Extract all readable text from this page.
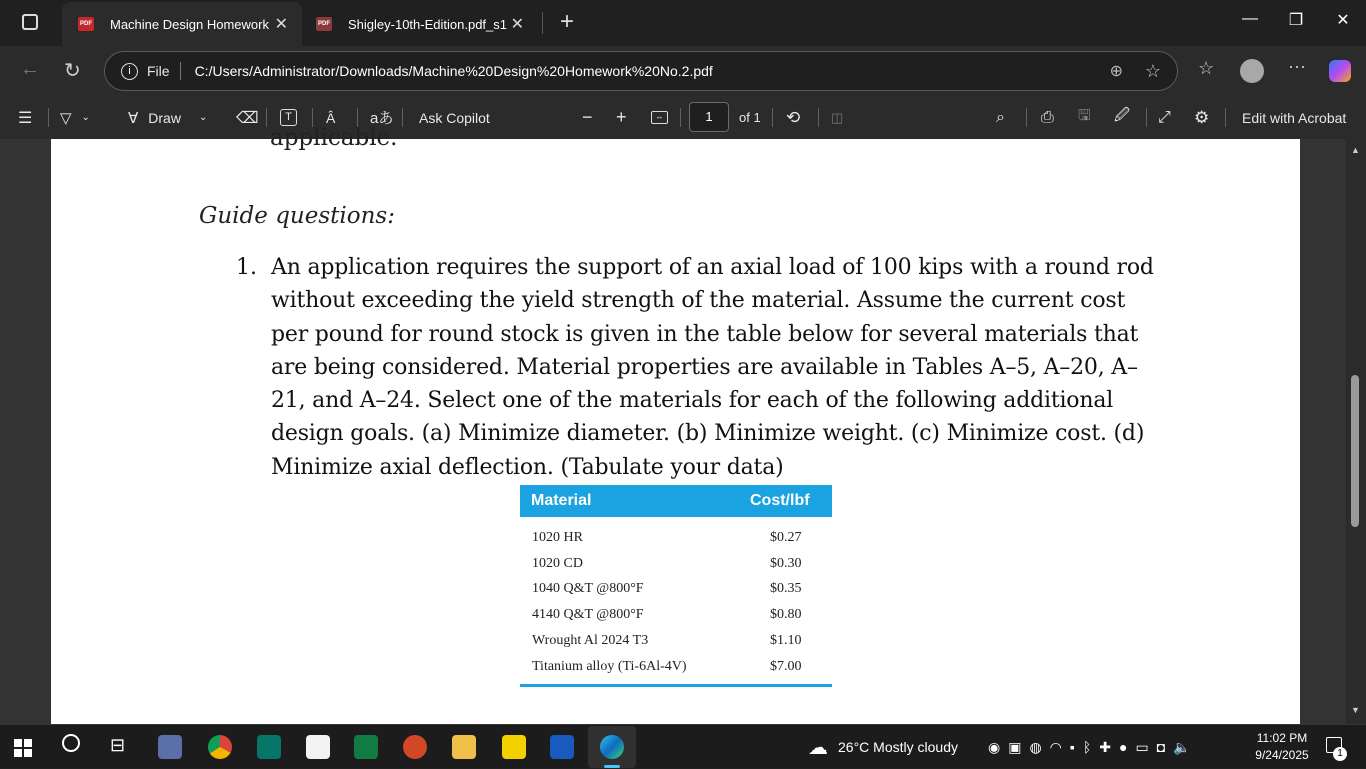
PDF Machine Design Homework ✕	PDF Shigley-10th-Edition.pdf_s1 ✕ +	—	❐	✕
← ↻	i	File C:/Users/Administrator/Downloads/Machine%20Design%20Homework%20No.2.pdf	⊕ ☆ ☆	···
☰ ▽ ⌄	∀ Draw ⌄ ⌫	T	Â aあ Ask Copilot	− +	↔	1	of 1 ⟲ ◫	⌕ ⎙ 🖫 🖉 ⤢ ⚙ Edit with Acrobat
applicable.
Guide questions:
1. An application requires the support of an axial load of 100 kips with a round rod without exceeding the yield strength of the material. Assume the current cost per pound for round stock is given in the table below for several materials that are being considered. Material properties are available in Tables A–5, A–20, A–21, and A–24. Select one of the materials for each of the following additional design goals. (a) Minimize diameter. (b) Minimize weight. (c) Minimize cost. (d) Minimize axial deflection. (Tabulate your data)
Material	Cost/lbf
1020 HR	$0.27
1020 CD	$0.30
1040 Q&T @800°F	$0.35
4140 Q&T @800°F	$0.80
Wrought Al 2024 T3	$1.10
Titanium alloy (Ti-6Al-4V)	$7.00
▲
▼
⊟	☁ 26°C Mostly cloudy ◉ ▣ ◍ ◠ ▪ ᛒ ✚ ● ▭ ◘ 🔈
11:02 PM
9/24/2025	1
